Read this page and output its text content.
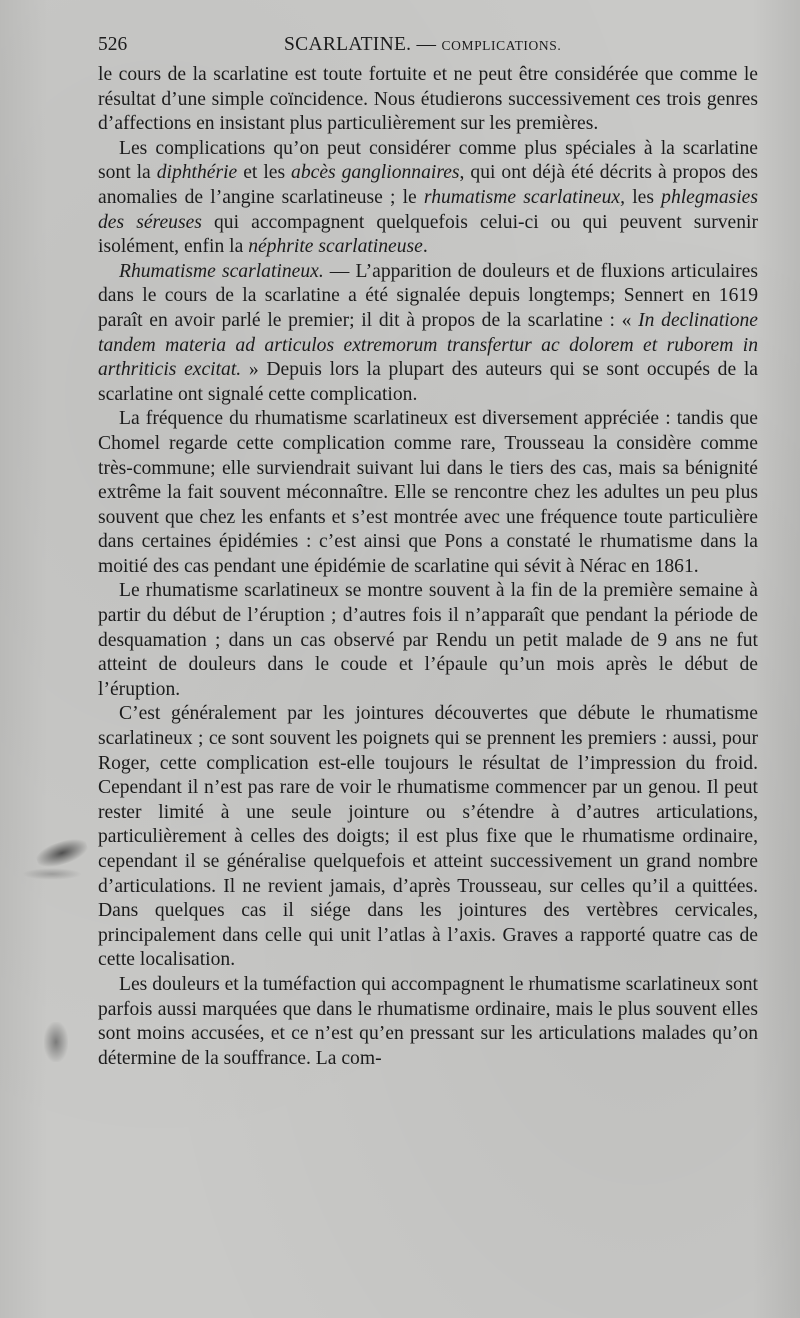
526	SCARLATINE. — COMPLICATIONS.

le cours de la scarlatine est toute fortuite et ne peut être considérée que comme le résultat d’une simple coïncidence. Nous étudierons successivement ces trois genres d’affections en insistant plus particulièrement sur les premières.

Les complications qu’on peut considérer comme plus spéciales à la scarlatine sont la diphthérie et les abcès ganglionnaires, qui ont déjà été décrits à propos des anomalies de l’angine scarlatineuse ; le rhumatisme scarlatineux, les phlegmasies des séreuses qui accompagnent quelquefois celui-ci ou qui peuvent survenir isolément, enfin la néphrite scarlatineuse.

Rhumatisme scarlatineux. — L’apparition de douleurs et de fluxions articulaires dans le cours de la scarlatine a été signalée depuis longtemps; Sennert en 1619 paraît en avoir parlé le premier; il dit à propos de la scarlatine : « In declinatione tandem materia ad articulos extremorum transfertur ac dolorem et ruborem in arthriticis excitat. » Depuis lors la plupart des auteurs qui se sont occupés de la scarlatine ont signalé cette complication.

La fréquence du rhumatisme scarlatineux est diversement appréciée : tandis que Chomel regarde cette complication comme rare, Trousseau la considère comme très-commune; elle surviendrait suivant lui dans le tiers des cas, mais sa bénignité extrême la fait souvent méconnaître. Elle se rencontre chez les adultes un peu plus souvent que chez les enfants et s’est montrée avec une fréquence toute particulière dans certaines épidémies : c’est ainsi que Pons a constaté le rhumatisme dans la moitié des cas pendant une épidémie de scarlatine qui sévit à Nérac en 1861.

Le rhumatisme scarlatineux se montre souvent à la fin de la première semaine à partir du début de l’éruption ; d’autres fois il n’apparaît que pendant la période de desquamation ; dans un cas observé par Rendu un petit malade de 9 ans ne fut atteint de douleurs dans le coude et l’épaule qu’un mois après le début de l’éruption.

C’est généralement par les jointures découvertes que débute le rhumatisme scarlatineux ; ce sont souvent les poignets qui se prennent les premiers : aussi, pour Roger, cette complication est-elle toujours le résultat de l’impression du froid. Cependant il n’est pas rare de voir le rhumatisme commencer par un genou. Il peut rester limité à une seule jointure ou s’étendre à d’autres articulations, particulièrement à celles des doigts; il est plus fixe que le rhumatisme ordinaire, cependant il se généralise quelquefois et atteint successivement un grand nombre d’articulations. Il ne revient jamais, d’après Trousseau, sur celles qu’il a quittées. Dans quelques cas il siége dans les jointures des vertèbres cervicales, principalement dans celle qui unit l’atlas à l’axis. Graves a rapporté quatre cas de cette localisation.

Les douleurs et la tuméfaction qui accompagnent le rhumatisme scarlatineux sont parfois aussi marquées que dans le rhumatisme ordinaire, mais le plus souvent elles sont moins accusées, et ce n’est qu’en pressant sur les articulations malades qu’on détermine de la souffrance. La com-
